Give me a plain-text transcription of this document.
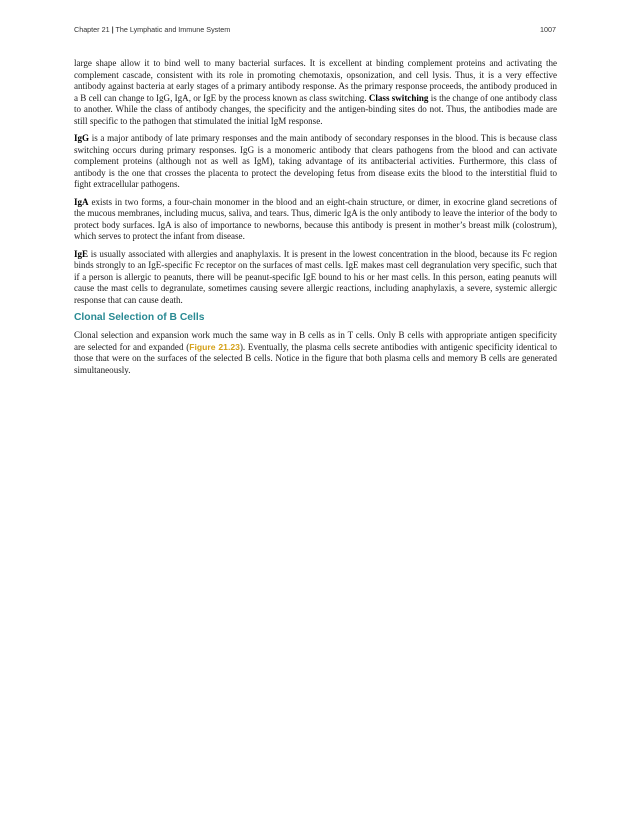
Chapter 21 | The Lymphatic and Immune System	1007

large shape allow it to bind well to many bacterial surfaces. It is excellent at binding complement proteins and activating the complement cascade, consistent with its role in promoting chemotaxis, opsonization, and cell lysis. Thus, it is a very effective antibody against bacteria at early stages of a primary antibody response. As the primary response proceeds, the antibody produced in a B cell can change to IgG, IgA, or IgE by the process known as class switching. Class switching is the change of one antibody class to another. While the class of antibody changes, the specificity and the antigen-binding sites do not. Thus, the antibodies made are still specific to the pathogen that stimulated the initial IgM response.

IgG is a major antibody of late primary responses and the main antibody of secondary responses in the blood. This is because class switching occurs during primary responses. IgG is a monomeric antibody that clears pathogens from the blood and can activate complement proteins (although not as well as IgM), taking advantage of its antibacterial activities. Furthermore, this class of antibody is the one that crosses the placenta to protect the developing fetus from disease exits the blood to the interstitial fluid to fight extracellular pathogens.

IgA exists in two forms, a four-chain monomer in the blood and an eight-chain structure, or dimer, in exocrine gland secretions of the mucous membranes, including mucus, saliva, and tears. Thus, dimeric IgA is the only antibody to leave the interior of the body to protect body surfaces. IgA is also of importance to newborns, because this antibody is present in mother’s breast milk (colostrum), which serves to protect the infant from disease.

IgE is usually associated with allergies and anaphylaxis. It is present in the lowest concentration in the blood, because its Fc region binds strongly to an IgE-specific Fc receptor on the surfaces of mast cells. IgE makes mast cell degranulation very specific, such that if a person is allergic to peanuts, there will be peanut-specific IgE bound to his or her mast cells. In this person, eating peanuts will cause the mast cells to degranulate, sometimes causing severe allergic reactions, including anaphylaxis, a severe, systemic allergic response that can cause death.

Clonal Selection of B Cells

Clonal selection and expansion work much the same way in B cells as in T cells. Only B cells with appropriate antigen specificity are selected for and expanded (Figure 21.23). Eventually, the plasma cells secrete antibodies with antigenic specificity identical to those that were on the surfaces of the selected B cells. Notice in the figure that both plasma cells and memory B cells are generated simultaneously.
